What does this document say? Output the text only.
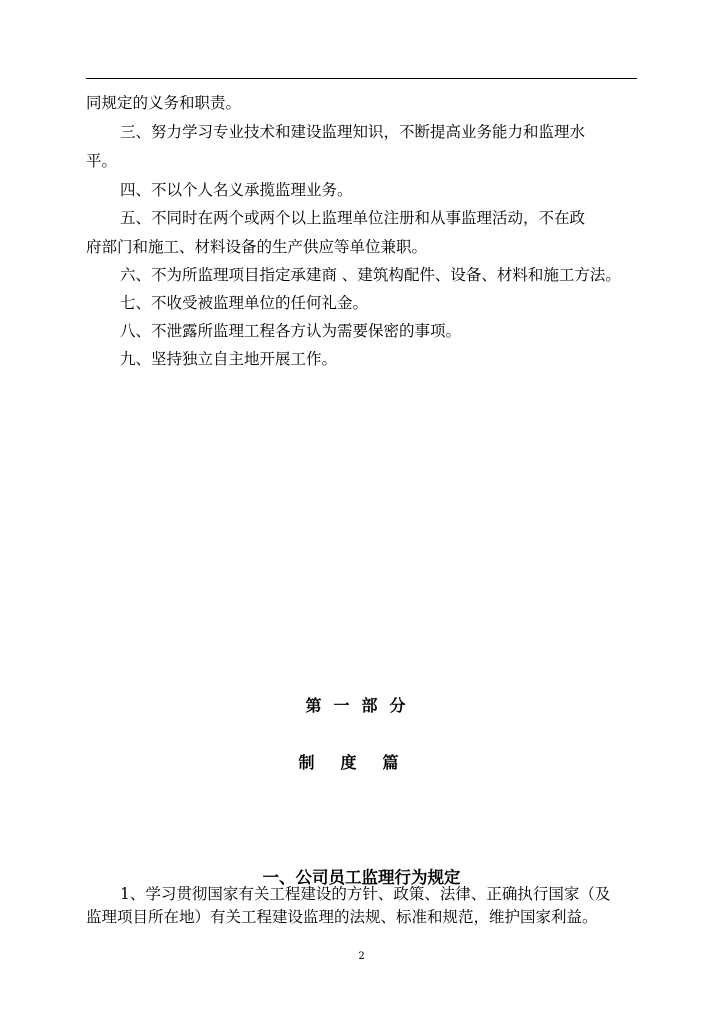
同规定的义务和职责。

三、努力学习专业技术和建设监理知识，不断提高业务能力和监理水

平。

四、不以个人名义承揽监理业务。

五、不同时在两个或两个以上监理单位注册和从事监理活动，不在政

府部门和施工、材料设备的生产供应等单位兼职。

六、不为所监理项目指定承建商 、建筑构配件、设备、材料和施工方法。

七、不收受被监理单位的任何礼金。

八、不泄露所监理工程各方认为需要保密的事项。

九、坚持独立自主地开展工作。

第一部分
制度篇
一、公司员工监理行为规定
1、学习贯彻国家有关工程建设的方针、政策、法律、正确执行国家（及
监理项目所在地）有关工程建设监理的法规、标准和规范，维护国家利益。
2
